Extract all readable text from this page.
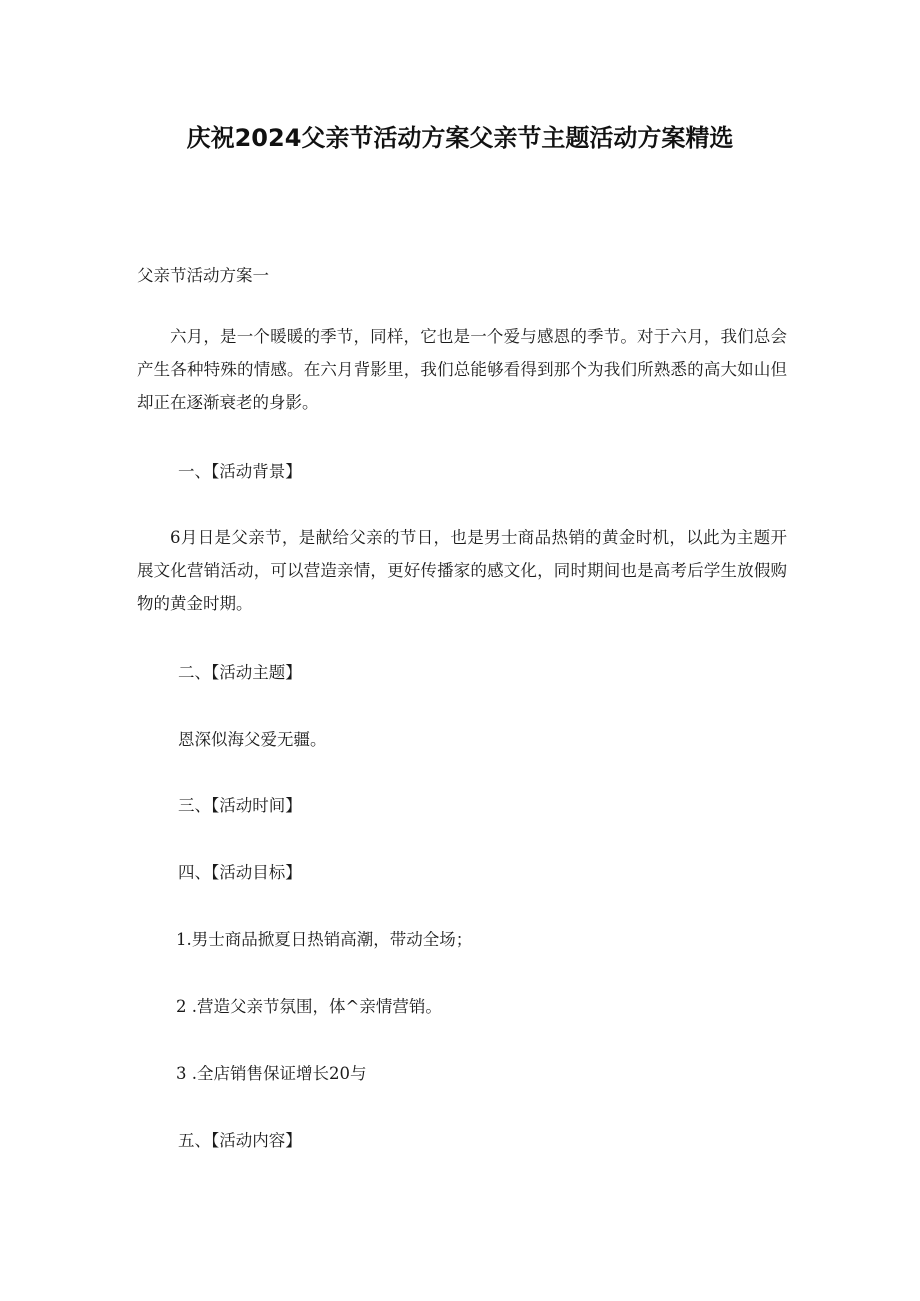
庆祝2024父亲节活动方案父亲节主题活动方案精选
父亲节活动方案一
六月，是一个暖暖的季节，同样，它也是一个爱与感恩的季节。对于六月，我们总会产生各种特殊的情感。在六月背影里，我们总能够看得到那个为我们所熟悉的高大如山但却正在逐渐衰老的身影。
一、【活动背景】
6月日是父亲节，是献给父亲的节日，也是男士商品热销的黄金时机，以此为主题开展文化营销活动，可以营造亲情，更好传播家的感文化，同时期间也是高考后学生放假购物的黄金时期。
二、【活动主题】
恩深似海父爱无疆。
三、【活动时间】
四、【活动目标】
1.男士商品掀夏日热销高潮，带动全场；
2 .营造父亲节氛围，体^亲情营销。
3 .全店销售保证增长20与
五、【活动内容】
